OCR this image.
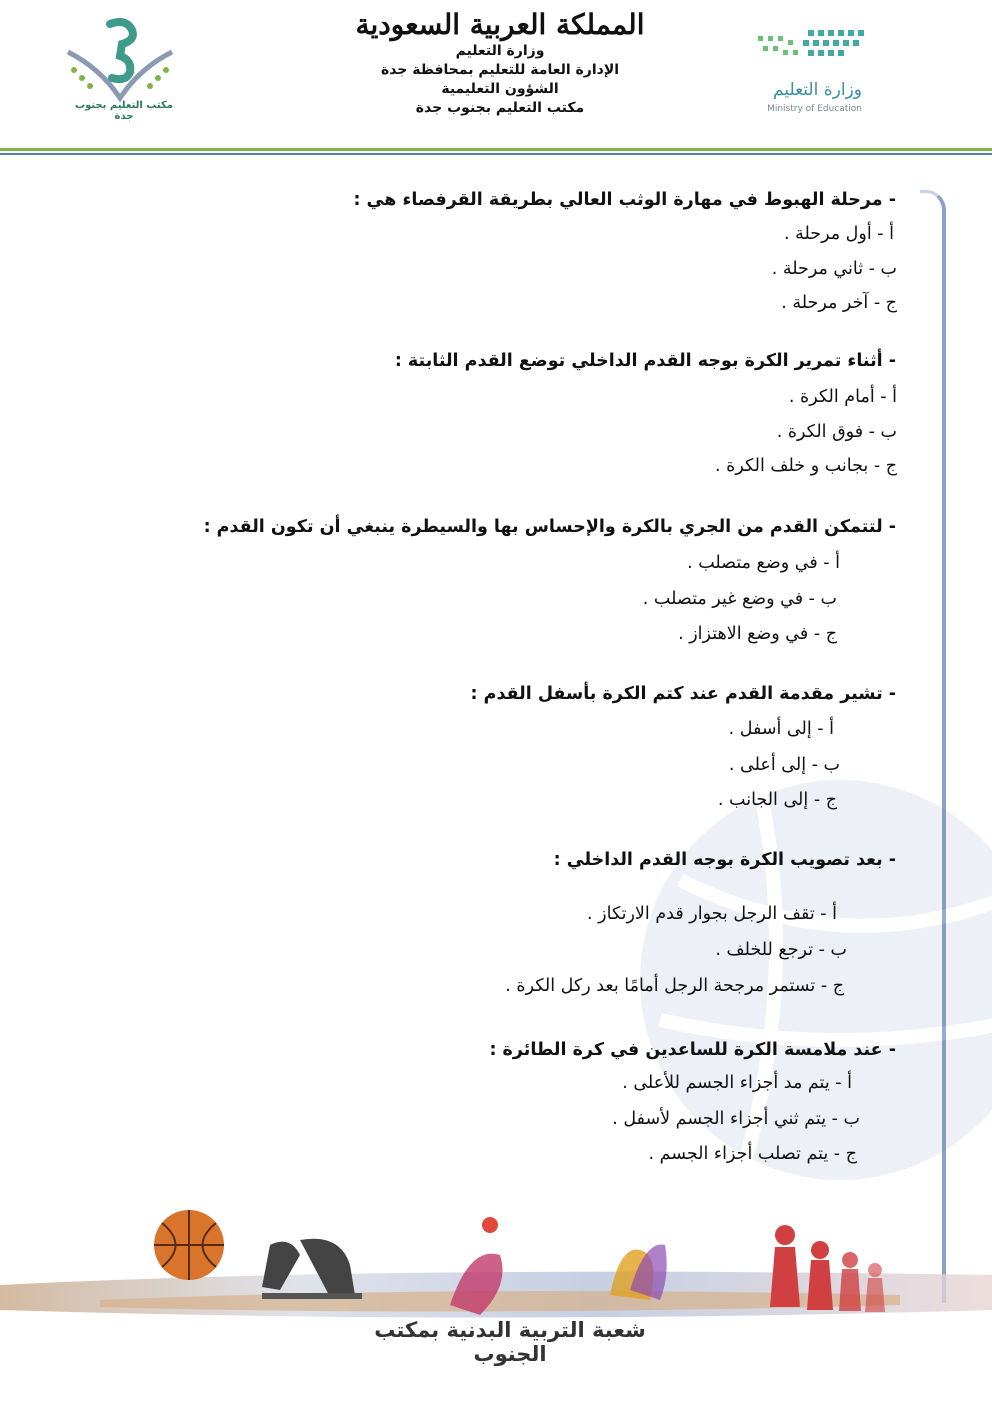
وزارة التعليم
Ministry of Education
المملكة العربية السعودية
وزارة التعليم
الإدارة العامة للتعليم بمحافظة جدة
الشؤون التعليمية
مكتب التعليم بجنوب جدة
مكتب التعليم بجنوب جدة
- مرحلة الهبوط في مهارة الوثب العالي بطريقة القرفصاء هي :
أ - أول مرحلة .
ب - ثاني مرحلة .
ج - آخر مرحلة .
- أثناء تمرير الكرة بوجه القدم الداخلي توضع القدم الثابتة :
أ - أمام الكرة .
ب - فوق الكرة .
ج - بجانب و خلف الكرة .
- لتتمكن القدم من الجري بالكرة والإحساس بها والسيطرة ينبغي أن تكون القدم :
أ - في وضع متصلب .
ب - في وضع غير متصلب .
ج - في وضع الاهتزاز .
- تشير مقدمة القدم عند كتم الكرة بأسفل القدم :
أ - إلى أسفل .
ب - إلى أعلى .
ج - إلى الجانب .
- بعد تصويب الكرة بوجه القدم الداخلي :
أ - تقف الرجل بجوار قدم الارتكاز .
ب - ترجع للخلف .
ج - تستمر مرجحة الرجل أمامًا بعد ركل الكرة .
- عند ملامسة الكرة للساعدين في كرة الطائرة :
أ - يتم مد أجزاء الجسم للأعلى .
ب - يتم ثني أجزاء الجسم لأسفل .
ج - يتم تصلب أجزاء الجسم .
شعبة التربية البدنية بمكتب الجنوب
